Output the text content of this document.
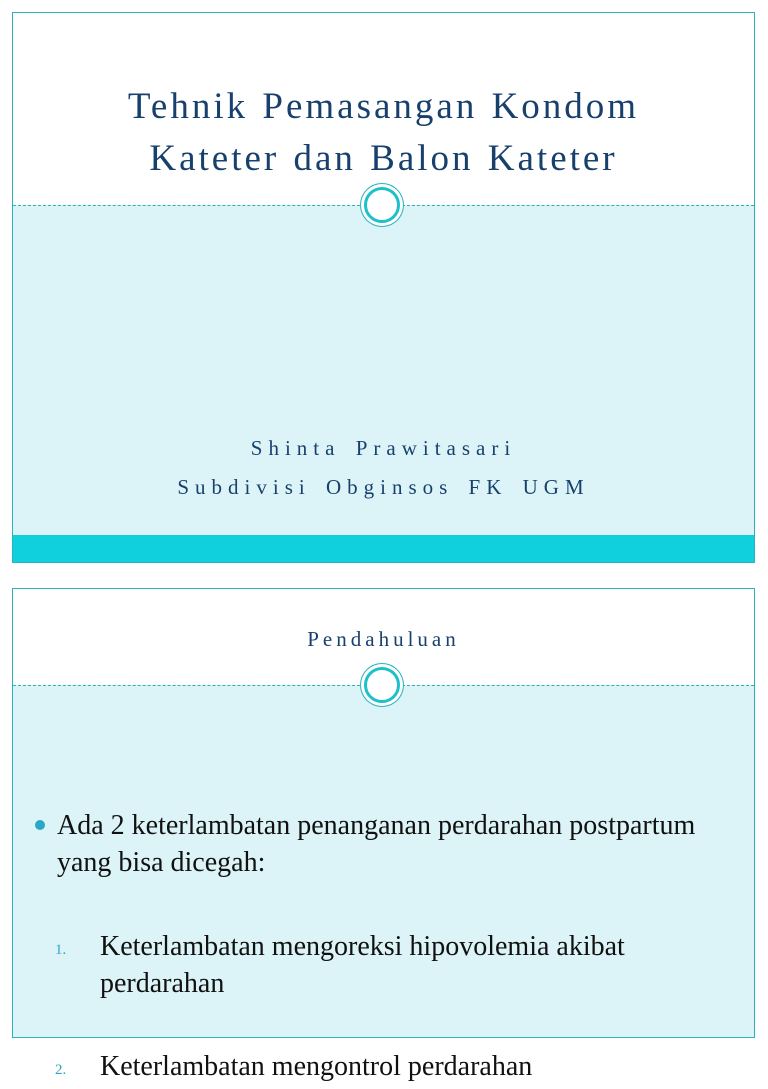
Tehnik Pemasangan Kondom
Kateter dan Balon Kateter

Shinta Prawitasari

Subdivisi Obginsos FK UGM

Pendahuluan
Ada 2 keterlambatan penanganan perdarahan postpartum yang bisa dicegah:
1. Keterlambatan mengoreksi hipovolemia akibat perdarahan
2. Keterlambatan mengontrol perdarahan
